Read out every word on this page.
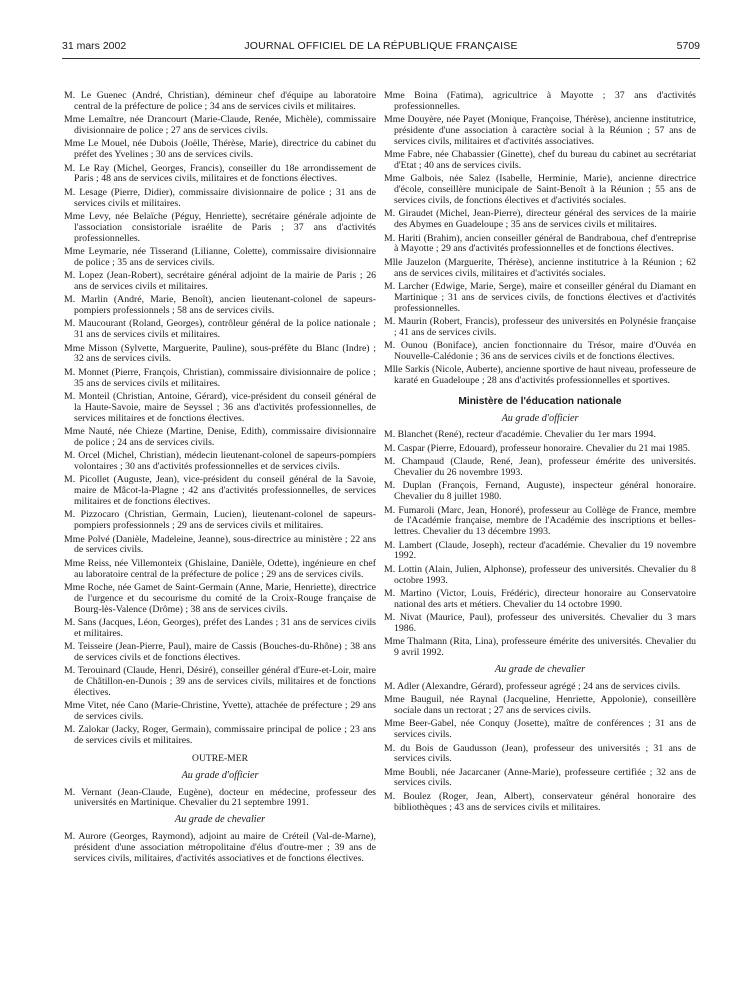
31 mars 2002	JOURNAL OFFICIEL DE LA RÉPUBLIQUE FRANÇAISE	5709

M. Le Guenec (André, Christian), démineur chef d'équipe au laboratoire central de la préfecture de police ; 34 ans de services civils et militaires.

Mme Lemaître, née Drancourt (Marie-Claude, Renée, Michèle), commissaire divisionnaire de police ; 27 ans de services civils.

Mme Le Mouel, née Dubois (Joëlle, Thérèse, Marie), directrice du cabinet du préfet des Yvelines ; 30 ans de services civils.

M. Le Ray (Michel, Georges, Francis), conseiller du 18e arrondissement de Paris ; 48 ans de services civils, militaires et de fonctions électives.

M. Lesage (Pierre, Didier), commissaire divisionnaire de police ; 31 ans de services civils et militaires.

Mme Levy, née Belaïche (Péguy, Henriette), secrétaire générale adjointe de l'association consistoriale israélite de Paris ; 37 ans d'activités professionnelles.

Mme Leymarie, née Tisserand (Lilianne, Colette), commissaire divisionnaire de police ; 35 ans de services civils.

M. Lopez (Jean-Robert), secrétaire général adjoint de la mairie de Paris ; 26 ans de services civils et militaires.

M. Marlin (André, Marie, Benoît), ancien lieutenant-colonel de sapeurs-pompiers professionnels ; 58 ans de services civils.

M. Maucourant (Roland, Georges), contrôleur général de la police nationale ; 31 ans de services civils et militaires.

Mme Misson (Sylvette, Marguerite, Pauline), sous-préfète du Blanc (Indre) ; 32 ans de services civils.

M. Monnet (Pierre, François, Christian), commissaire divisionnaire de police ; 35 ans de services civils et militaires.

M. Monteil (Christian, Antoine, Gérard), vice-président du conseil général de la Haute-Savoie, maire de Seyssel ; 36 ans d'activités professionnelles, de services militaires et de fonctions électives.

Mme Nauté, née Chieze (Martine, Denise, Edith), commissaire divisionnaire de police ; 24 ans de services civils.

M. Orcel (Michel, Christian), médecin lieutenant-colonel de sapeurs-pompiers volontaires ; 30 ans d'activités professionnelles et de services civils.

M. Picollet (Auguste, Jean), vice-président du conseil général de la Savoie, maire de Mâcot-la-Plagne ; 42 ans d'activités professionnelles, de services militaires et de fonctions électives.

M. Pizzocaro (Christian, Germain, Lucien), lieutenant-colonel de sapeurs-pompiers professionnels ; 29 ans de services civils et militaires.

Mme Polvé (Danièle, Madeleine, Jeanne), sous-directrice au ministère ; 22 ans de services civils.

Mme Reiss, née Villemonteix (Ghislaine, Danièle, Odette), ingénieure en chef au laboratoire central de la préfecture de police ; 29 ans de services civils.

Mme Roche, née Gamet de Saint-Germain (Anne, Marie, Henriette), directrice de l'urgence et du secourisme du comité de la Croix-Rouge française de Bourg-lès-Valence (Drôme) ; 38 ans de services civils.

M. Sans (Jacques, Léon, Georges), préfet des Landes ; 31 ans de services civils et militaires.

M. Teisseire (Jean-Pierre, Paul), maire de Cassis (Bouches-du-Rhône) ; 38 ans de services civils et de fonctions électives.

M. Terouinard (Claude, Henri, Désiré), conseiller général d'Eure-et-Loir, maire de Châtillon-en-Dunois ; 39 ans de services civils, militaires et de fonctions électives.

Mme Vitet, née Cano (Marie-Christine, Yvette), attachée de préfecture ; 29 ans de services civils.

M. Zalokar (Jacky, Roger, Germain), commissaire principal de police ; 23 ans de services civils et militaires.

OUTRE-MER
Au grade d'officier

M. Vernant (Jean-Claude, Eugène), docteur en médecine, professeur des universités en Martinique. Chevalier du 21 septembre 1991.

Au grade de chevalier

M. Aurore (Georges, Raymond), adjoint au maire de Créteil (Val-de-Marne), président d'une association métropolitaine d'élus d'outre-mer ; 39 ans de services civils, militaires, d'activités associatives et de fonctions électives.

Mme Boina (Fatima), agricultrice à Mayotte ; 37 ans d'activités professionnelles.

Mme Douyère, née Payet (Monique, Françoise, Thérèse), ancienne institutrice, présidente d'une association à caractère social à la Réunion ; 57 ans de services civils, militaires et d'activités associatives.

Mme Fabre, née Chabassier (Ginette), chef du bureau du cabinet au secrétariat d'Etat ; 40 ans de services civils.

Mme Galbois, née Salez (Isabelle, Herminie, Marie), ancienne directrice d'école, conseillère municipale de Saint-Benoît à la Réunion ; 55 ans de services civils, de fonctions électives et d'activités sociales.

M. Giraudet (Michel, Jean-Pierre), directeur général des services de la mairie des Abymes en Guadeloupe ; 35 ans de services civils et militaires.

M. Hariti (Brahim), ancien conseiller général de Bandraboua, chef d'entreprise à Mayotte ; 29 ans d'activités professionnelles et de fonctions électives.

Mlle Jauzelon (Marguerite, Thérèse), ancienne institutrice à la Réunion ; 62 ans de services civils, militaires et d'activités sociales.

M. Larcher (Edwige, Marie, Serge), maire et conseiller général du Diamant en Martinique ; 31 ans de services civils, de fonctions électives et d'activités professionnelles.

M. Maurin (Robert, Francis), professeur des universités en Polynésie française ; 41 ans de services civils.

M. Ounou (Boniface), ancien fonctionnaire du Trésor, maire d'Ouvéa en Nouvelle-Calédonie ; 36 ans de services civils et de fonctions électives.

Mlle Sarkis (Nicole, Auberte), ancienne sportive de haut niveau, professeure de karaté en Guadeloupe ; 28 ans d'activités professionnelles et sportives.

Ministère de l'éducation nationale
Au grade d'officier

M. Blanchet (René), recteur d'académie. Chevalier du 1er mars 1994.

M. Caspar (Pierre, Edouard), professeur honoraire. Chevalier du 21 mai 1985.

M. Champaud (Claude, René, Jean), professeur émérite des universités. Chevalier du 26 novembre 1993.

M. Duplan (François, Fernand, Auguste), inspecteur général honoraire. Chevalier du 8 juillet 1980.

M. Fumaroli (Marc, Jean, Honoré), professeur au Collège de France, membre de l'Académie française, membre de l'Académie des inscriptions et belles-lettres. Chevalier du 13 décembre 1993.

M. Lambert (Claude, Joseph), recteur d'académie. Chevalier du 19 novembre 1992.

M. Lottin (Alain, Julien, Alphonse), professeur des universités. Chevalier du 8 octobre 1993.

M. Martino (Victor, Louis, Frédéric), directeur honoraire au Conservatoire national des arts et métiers. Chevalier du 14 octobre 1990.

M. Nivat (Maurice, Paul), professeur des universités. Chevalier du 3 mars 1986.

Mme Thalmann (Rita, Lina), professeure émérite des universités. Chevalier du 9 avril 1992.

Au grade de chevalier

M. Adler (Alexandre, Gérard), professeur agrégé ; 24 ans de services civils.

Mme Bauguil, née Raynal (Jacqueline, Henriette, Appolonie), conseillère sociale dans un rectorat ; 27 ans de services civils.

Mme Beer-Gabel, née Conquy (Josette), maître de conférences ; 31 ans de services civils.

M. du Bois de Gaudusson (Jean), professeur des universités ; 31 ans de services civils.

Mme Boubli, née Jacarcaner (Anne-Marie), professeure certifiée ; 32 ans de services civils.

M. Boulez (Roger, Jean, Albert), conservateur général honoraire des bibliothèques ; 43 ans de services civils et militaires.
